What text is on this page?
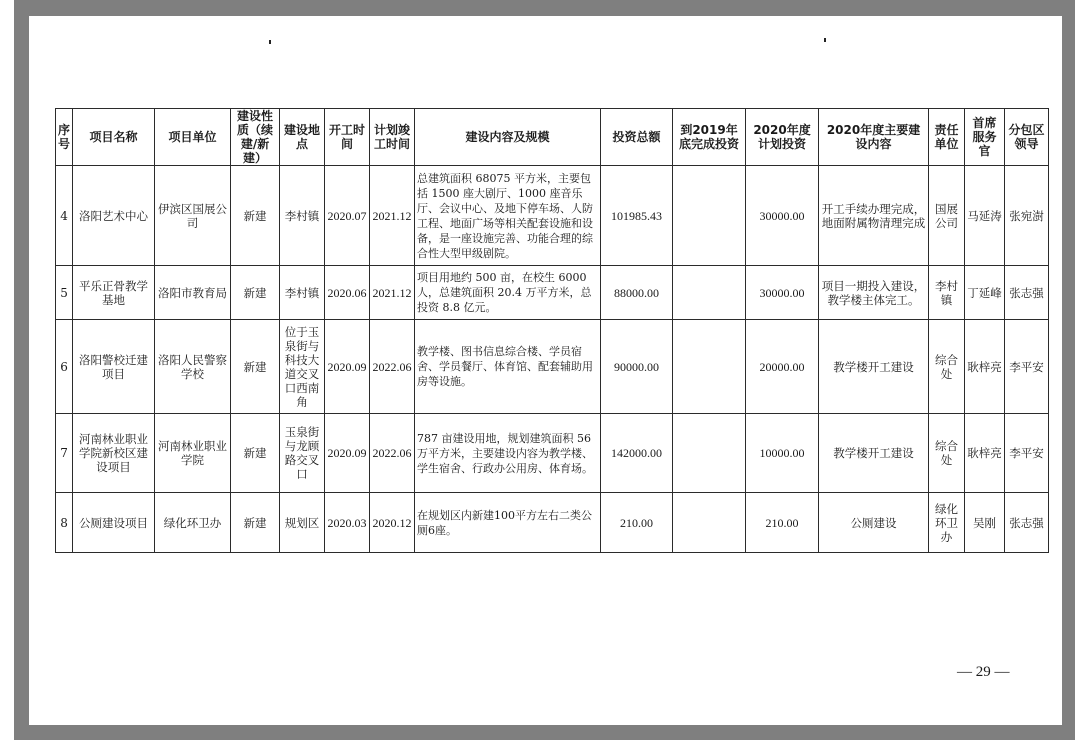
序号	项目名称	项目单位	建设性质（续建/新建）	建设地点	开工时间	计划竣工时间	建设内容及规模	投资总额	到2019年底完成投资	2020年度计划投资	2020年度主要建设内容	责任单位	首席服务官	分包区领导
4	洛阳艺术中心	伊滨区国展公司	新建	李村镇	2020.07	2021.12	总建筑面积 68075 平方米，主要包括 1500 座大剧厅、1000 座音乐厅、会议中心、及地下停车场、人防工程、地面广场等相关配套设施和设备，是一座设施完善、功能合理的综合性大型甲级剧院。	101985.43		30000.00	开工手续办理完成，地面附属物清理完成	国展公司	马延涛	张宛澍
5	平乐正骨教学基地	洛阳市教育局	新建	李村镇	2020.06	2021.12	项目用地约 500 亩，在校生 6000 人，总建筑面积 20.4 万平方米，总投资 8.8 亿元。	88000.00		30000.00	项目一期投入建设，教学楼主体完工。	李村镇	丁延峰	张志强
6	洛阳警校迁建项目	洛阳人民警察学校	新建	位于玉泉街与科技大道交叉口西南角	2020.09	2022.06	教学楼、图书信息综合楼、学员宿舍、学员餐厅、体育馆、配套辅助用房等设施。	90000.00		20000.00	教学楼开工建设	综合处	耿梓亮	李平安
7	河南林业职业学院新校区建设项目	河南林业职业学院	新建	玉泉街与龙顾路交叉口	2020.09	2022.06	787 亩建设用地，规划建筑面积 56 万平方米，主要建设内容为教学楼、学生宿舍、行政办公用房、体育场。	142000.00		10000.00	教学楼开工建设	综合处	耿梓亮	李平安
8	公厕建设项目	绿化环卫办	新建	规划区	2020.03	2020.12	在规划区内新建100平方左右二类公厕6座。	210.00		210.00	公厕建设	绿化环卫办	吴刚	张志强
— 29 —
